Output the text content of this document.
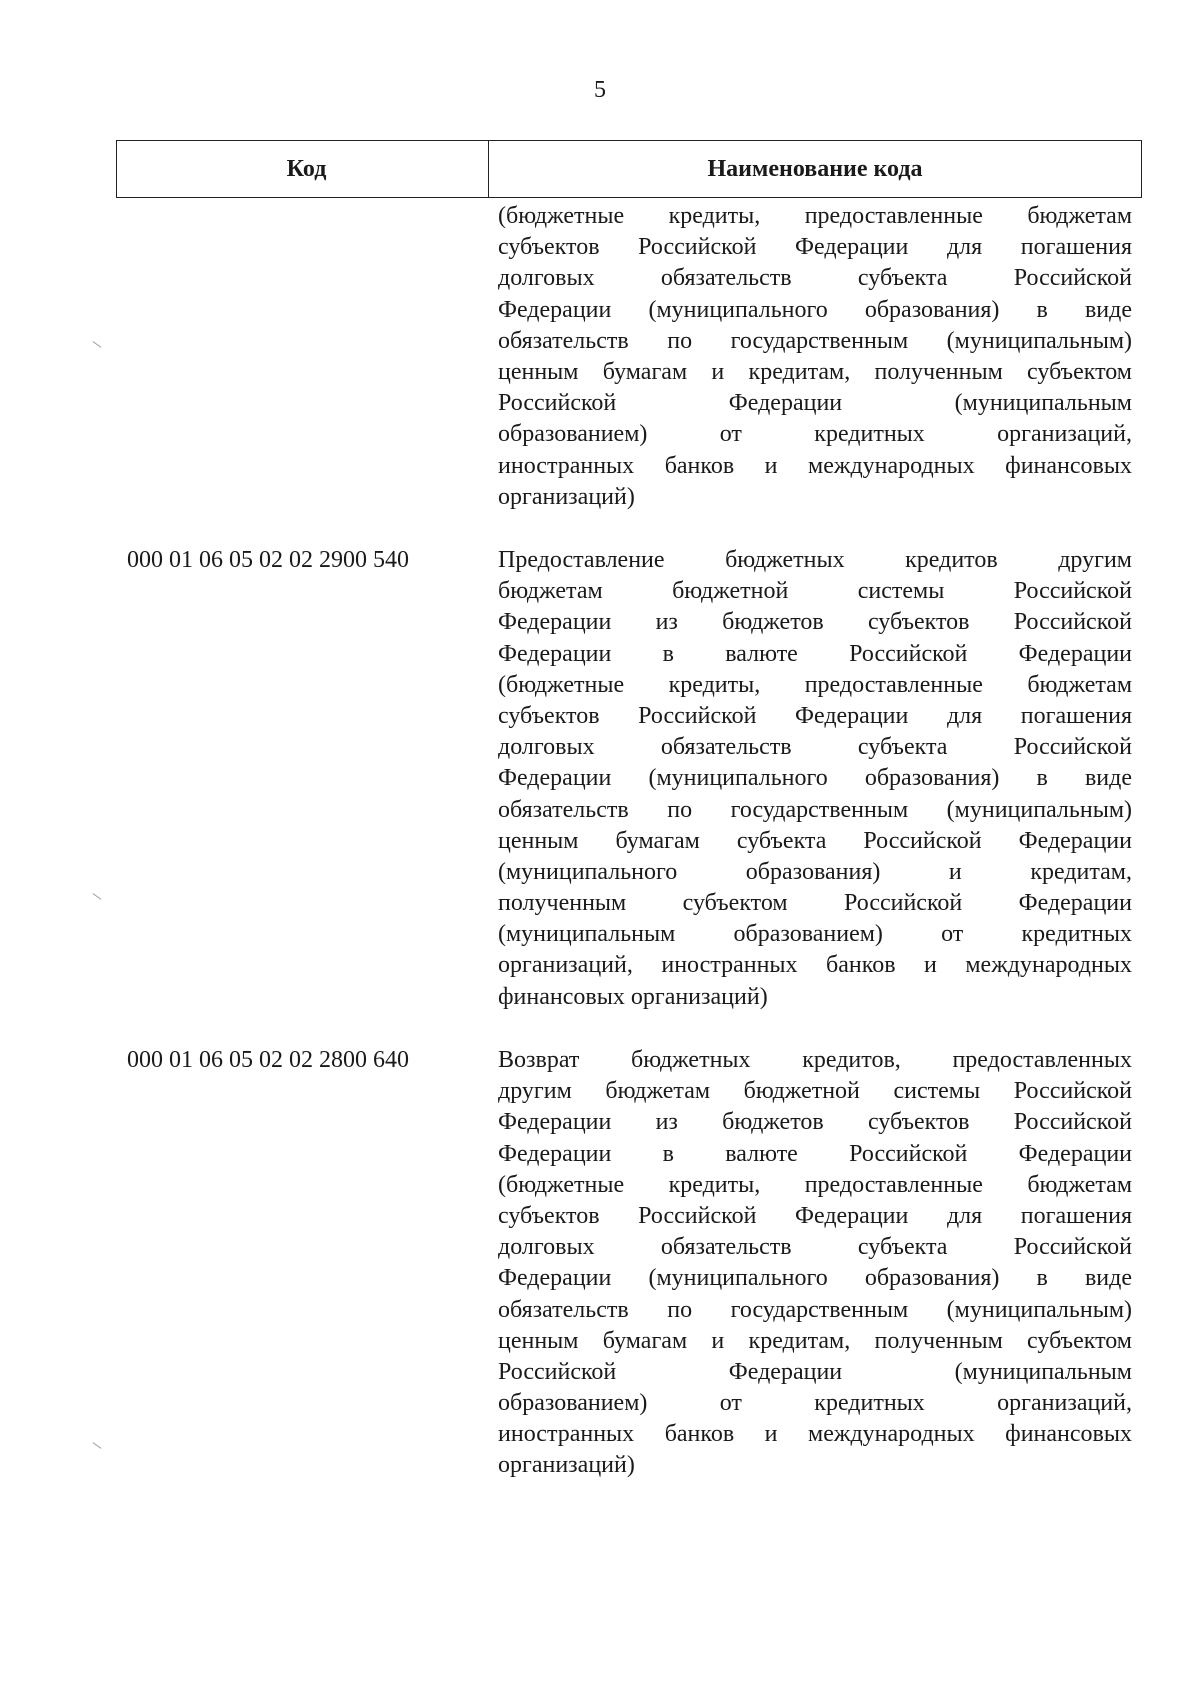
5
Код	Наименование кода
(бюджетные кредиты, предоставленные бюджетам
субъектов Российской Федерации для погашения
долговых обязательств субъекта Российской
Федерации (муниципального образования) в виде
обязательств по государственным (муниципальным)
ценным бумагам и кредитам, полученным субъектом
Российской Федерации (муниципальным
образованием) от кредитных организаций,
иностранных банков и международных финансовых
организаций)
000 01 06 05 02 02 2900 540	Предоставление бюджетных кредитов другим
бюджетам бюджетной системы Российской
Федерации из бюджетов субъектов Российской
Федерации в валюте Российской Федерации
(бюджетные кредиты, предоставленные бюджетам
субъектов Российской Федерации для погашения
долговых обязательств субъекта Российской
Федерации (муниципального образования) в виде
обязательств по государственным (муниципальным)
ценным бумагам субъекта Российской Федерации
(муниципального образования) и кредитам,
полученным субъектом Российской Федерации
(муниципальным образованием) от кредитных
организаций, иностранных банков и международных
финансовых организаций)
000 01 06 05 02 02 2800 640	Возврат бюджетных кредитов, предоставленных
другим бюджетам бюджетной системы Российской
Федерации из бюджетов субъектов Российской
Федерации в валюте Российской Федерации
(бюджетные кредиты, предоставленные бюджетам
субъектов Российской Федерации для погашения
долговых обязательств субъекта Российской
Федерации (муниципального образования) в виде
обязательств по государственным (муниципальным)
ценным бумагам и кредитам, полученным субъектом
Российской Федерации (муниципальным
образованием) от кредитных организаций,
иностранных банков и международных финансовых
организаций)
